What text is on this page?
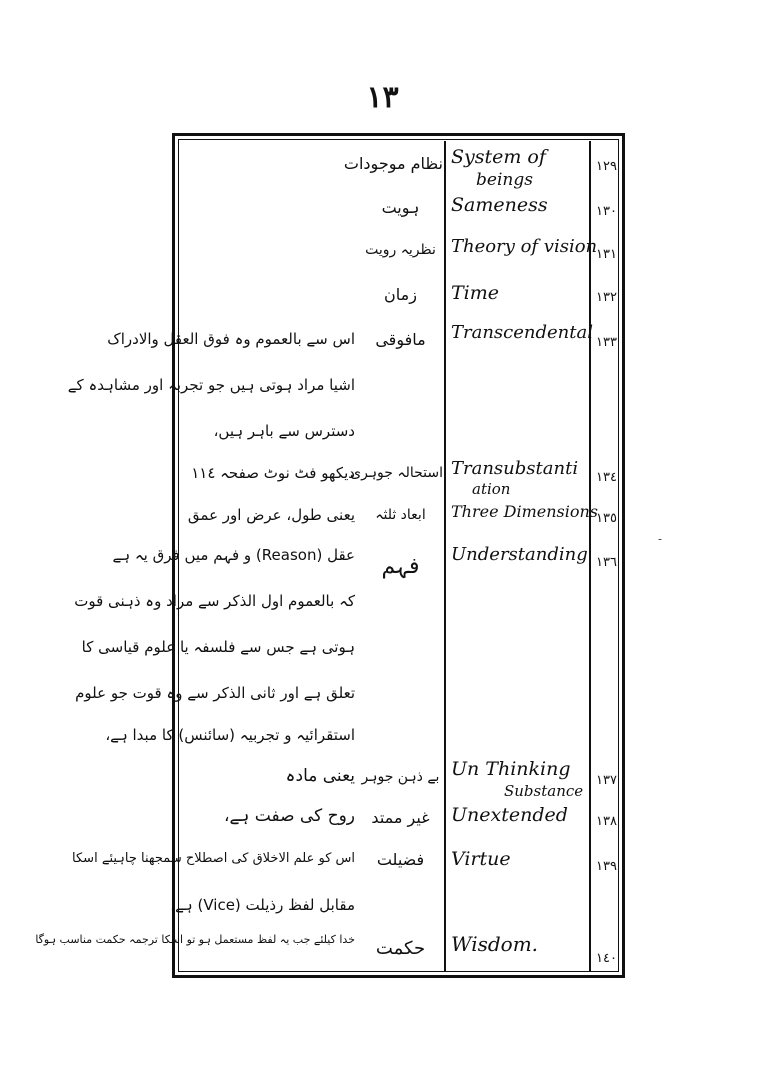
١٣
-
١٢٩
System of
beings
نظام موجودات
١٣٠
Sameness
ہویت
١٣١
Theory of vision
نظریہ رویت
١٣٢
Time
زمان
١٣٣
Transcendental
مافوقی
اس سے بالعموم وہ فوق العقل والادراک
اشیا مراد ہوتی ہیں جو تجربہ اور مشاہدہ کے
دسترس سے باہر ہیں،
١٣٤
Transubstanti
ation
استحالہ جوہری
دیکھو فٹ نوٹ صفحہ ١١٤
١٣٥
Three Dimensions
ابعاد ثلثہ
یعنی طول، عرض اور عمق
١٣٦
Understanding
فہم
عقل (Reason) و فہم میں فرق یہ ہے
کہ بالعموم اول الذکر سے مراد وہ ذہنی قوت
ہوتی ہے جس سے فلسفہ یا علوم قیاسی کا
تعلق ہے اور ثانی الذکر سے وہ قوت جو علوم
استقرائیہ و تجربیہ (سائنس) کا مبدا ہے،
١٣٧
Un Thinking
Substance
بے ذہن جوہر
یعنی مادہ
١٣٨
Unextended
غیر ممتد
روح کی صفت ہے،
١٣٩
Virtue
فضیلت
اس کو علم الاخلاق کی اصطلاح سمجھنا چاہیئے اسکا
مقابل لفظ رذیلت (Vice) ہے،
١٤٠
Wisdom.
حکمت
خدا کیلئے جب یہ لفظ مستعمل ہو تو اسکا ترجمہ حکمت مناسب ہوگا
